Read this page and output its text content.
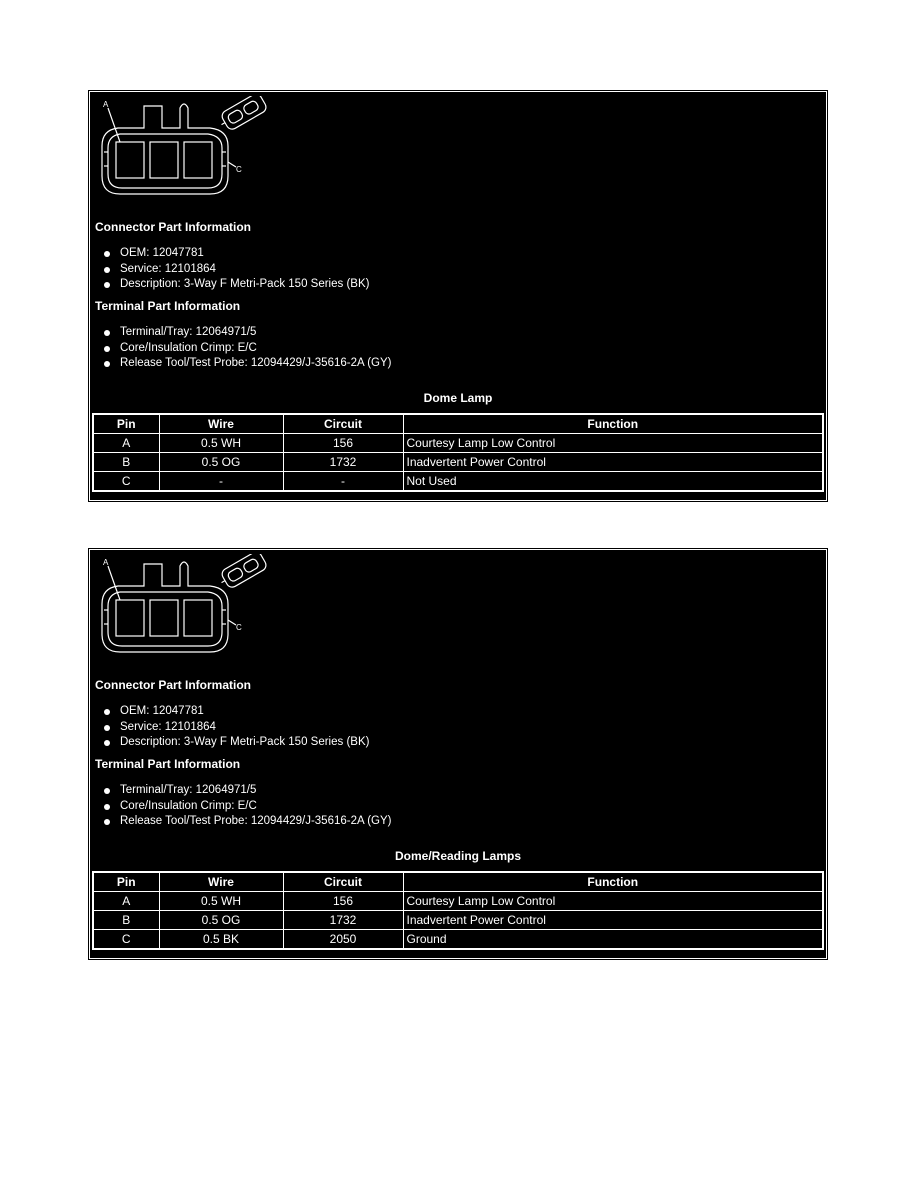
A
C
Connector Part Information
OEM: 12047781
Service: 12101864
Description: 3-Way F Metri-Pack 150 Series (BK)
Terminal Part Information
Terminal/Tray: 12064971/5
Core/Insulation Crimp: E/C
Release Tool/Test Probe: 12094429/J-35616-2A (GY)
Dome Lamp
Pin	Wire	Circuit	Function
A	0.5 WH	156	Courtesy Lamp Low Control
B	0.5 OG	1732	Inadvertent Power Control
C	-	-	Not Used
A
C
Connector Part Information
OEM: 12047781
Service: 12101864
Description: 3-Way F Metri-Pack 150 Series (BK)
Terminal Part Information
Terminal/Tray: 12064971/5
Core/Insulation Crimp: E/C
Release Tool/Test Probe: 12094429/J-35616-2A (GY)
Dome/Reading Lamps
Pin	Wire	Circuit	Function
A	0.5 WH	156	Courtesy Lamp Low Control
B	0.5 OG	1732	Inadvertent Power Control
C	0.5 BK	2050	Ground
